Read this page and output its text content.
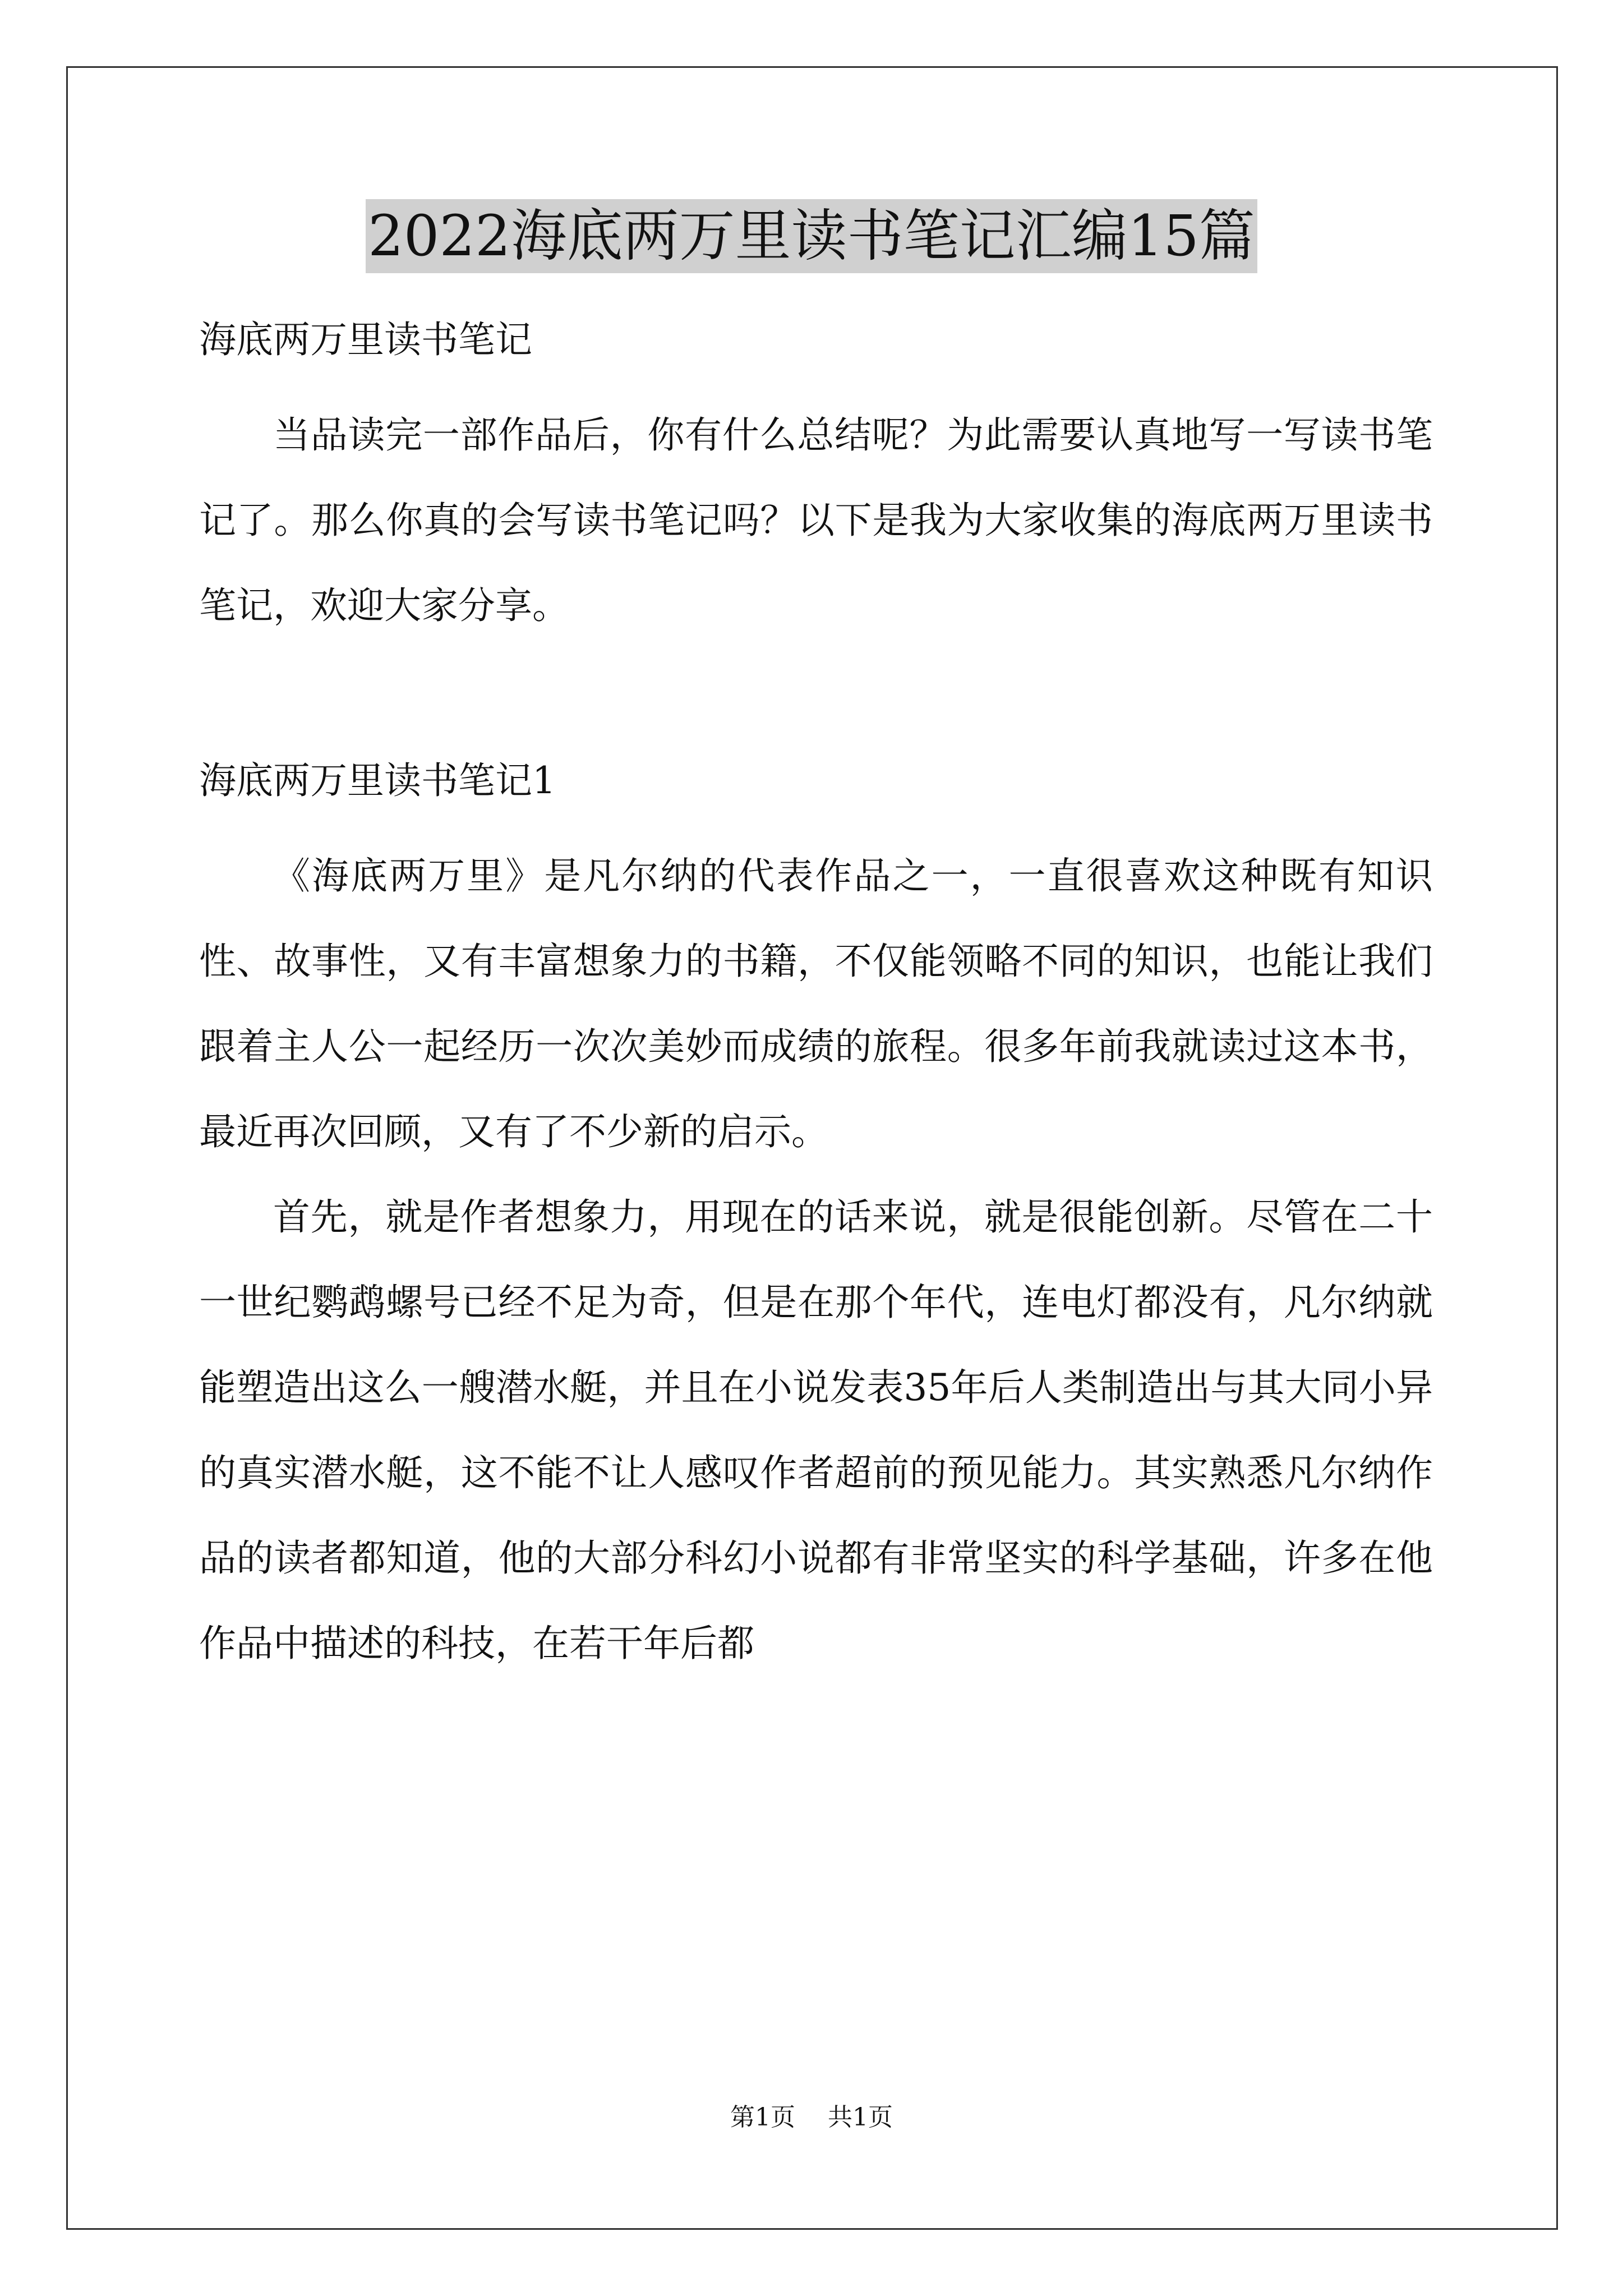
2022海底两万里读书笔记汇编15篇

海底两万里读书笔记

当品读完一部作品后，你有什么总结呢？为此需要认真地写一写读书笔记了。那么你真的会写读书笔记吗？以下是我为大家收集的海底两万里读书笔记，欢迎大家分享。

海底两万里读书笔记1

《海底两万里》是凡尔纳的代表作品之一，一直很喜欢这种既有知识性、故事性，又有丰富想象力的书籍，不仅能领略不同的知识，也能让我们跟着主人公一起经历一次次美妙而成绩的旅程。很多年前我就读过这本书，最近再次回顾，又有了不少新的启示。

首先，就是作者想象力，用现在的话来说，就是很能创新。尽管在二十一世纪鹦鹉螺号已经不足为奇，但是在那个年代，连电灯都没有，凡尔纳就能塑造出这么一艘潜水艇，并且在小说发表35年后人类制造出与其大同小异的真实潜水艇，这不能不让人感叹作者超前的预见能力。其实熟悉凡尔纳作品的读者都知道，他的大部分科幻小说都有非常坚实的科学基础，许多在他作品中描述的科技，在若干年后都

第1页 共1页
